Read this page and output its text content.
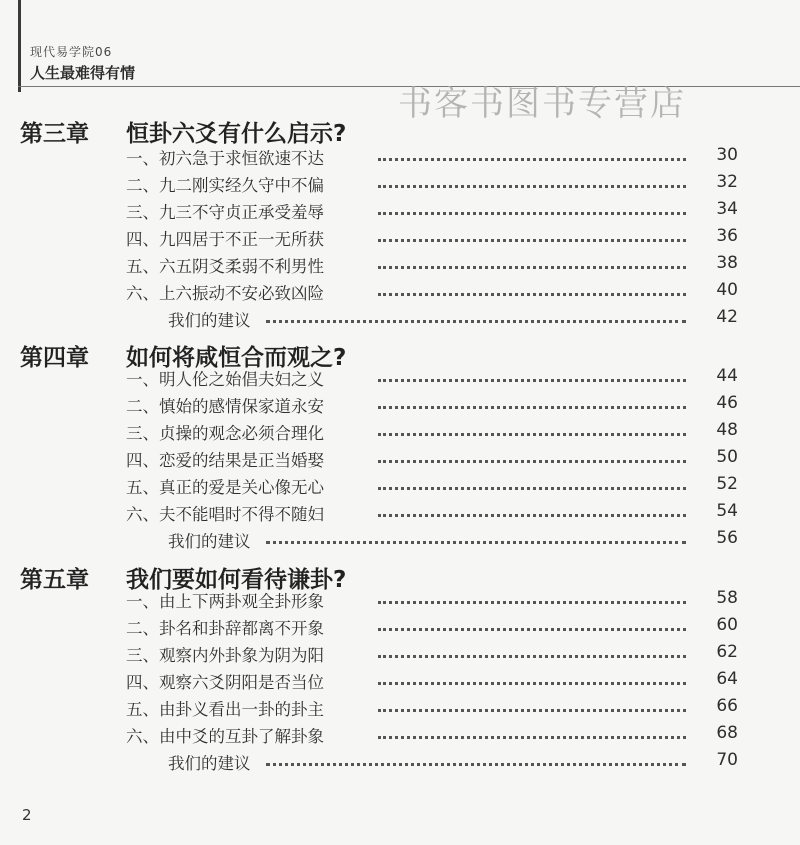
现代易学院06
人生最难得有情
书客书图书专营店
第三章 恒卦六爻有什么启示?
一、初六急于求恒欲速不达	30
二、九二刚实经久守中不偏	32
三、九三不守贞正承受羞辱	34
四、九四居于不正一无所获	36
五、六五阴爻柔弱不利男性	38
六、上六振动不安必致凶险	40
我们的建议	42
第四章 如何将咸恒合而观之?
一、明人伦之始倡夫妇之义	44
二、慎始的感情保家道永安	46
三、贞操的观念必须合理化	48
四、恋爱的结果是正当婚娶	50
五、真正的爱是关心像无心	52
六、夫不能唱时不得不随妇	54
我们的建议	56
第五章 我们要如何看待谦卦?
一、由上下两卦观全卦形象	58
二、卦名和卦辞都离不开象	60
三、观察内外卦象为阴为阳	62
四、观察六爻阴阳是否当位	64
五、由卦义看出一卦的卦主	66
六、由中爻的互卦了解卦象	68
我们的建议	70
2
